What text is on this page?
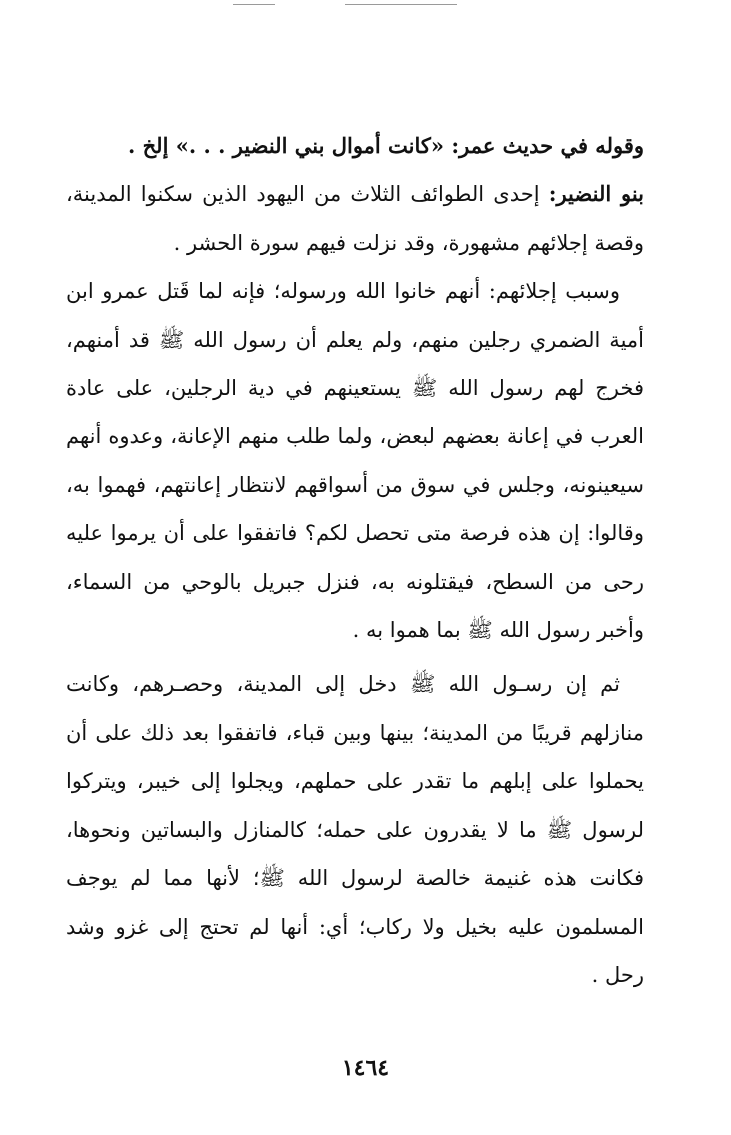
وقوله في حديث عمر: «كانت أموال بني النضير . . .» إلخ .

بنو النضير: إحدى الطوائف الثلاث من اليهود الذين سكنوا المدينة، وقصة إجلائهم مشهورة، وقد نزلت فيهم سورة الحشر .

وسبب إجلائهم: أنهم خانوا الله ورسوله؛ فإنه لما قَتل عمرو ابن أمية الضمري رجلين منهم، ولم يعلم أن رسول الله ﷺ قد أمنهم، فخرج لهم رسول الله ﷺ يستعينهم في دية الرجلين، على عادة العرب في إعانة بعضهم لبعض، ولما طلب منهم الإعانة، وعدوه أنهم سيعينونه، وجلس في سوق من أسواقهم لانتظار إعانتهم، فهموا به، وقالوا: إن هذه فرصة متى تحصل لكم؟ فاتفقوا على أن يرموا عليه رحى من السطح، فيقتلونه به، فنزل جبريل بالوحي من السماء، وأخبر رسول الله ﷺ بما هموا به .

ثم إن رسـول الله ﷺ دخل إلى المدينة، وحصـرهم، وكانت منازلهم قريبًا من المدينة؛ بينها وبين قباء، فاتفقوا بعد ذلك على أن يحملوا على إبلهم ما تقدر على حملهم، ويجلوا إلى خيبر، ويتركوا لرسول ﷺ ما لا يقدرون على حمله؛ كالمنازل والبساتين ونحوها، فكانت هذه غنيمة خالصة لرسول الله ﷺ؛ لأنها مما لم يوجف المسلمون عليه بخيل ولا ركاب؛ أي: أنها لم تحتج إلى غزو وشد رحل .

١٤٦٤
